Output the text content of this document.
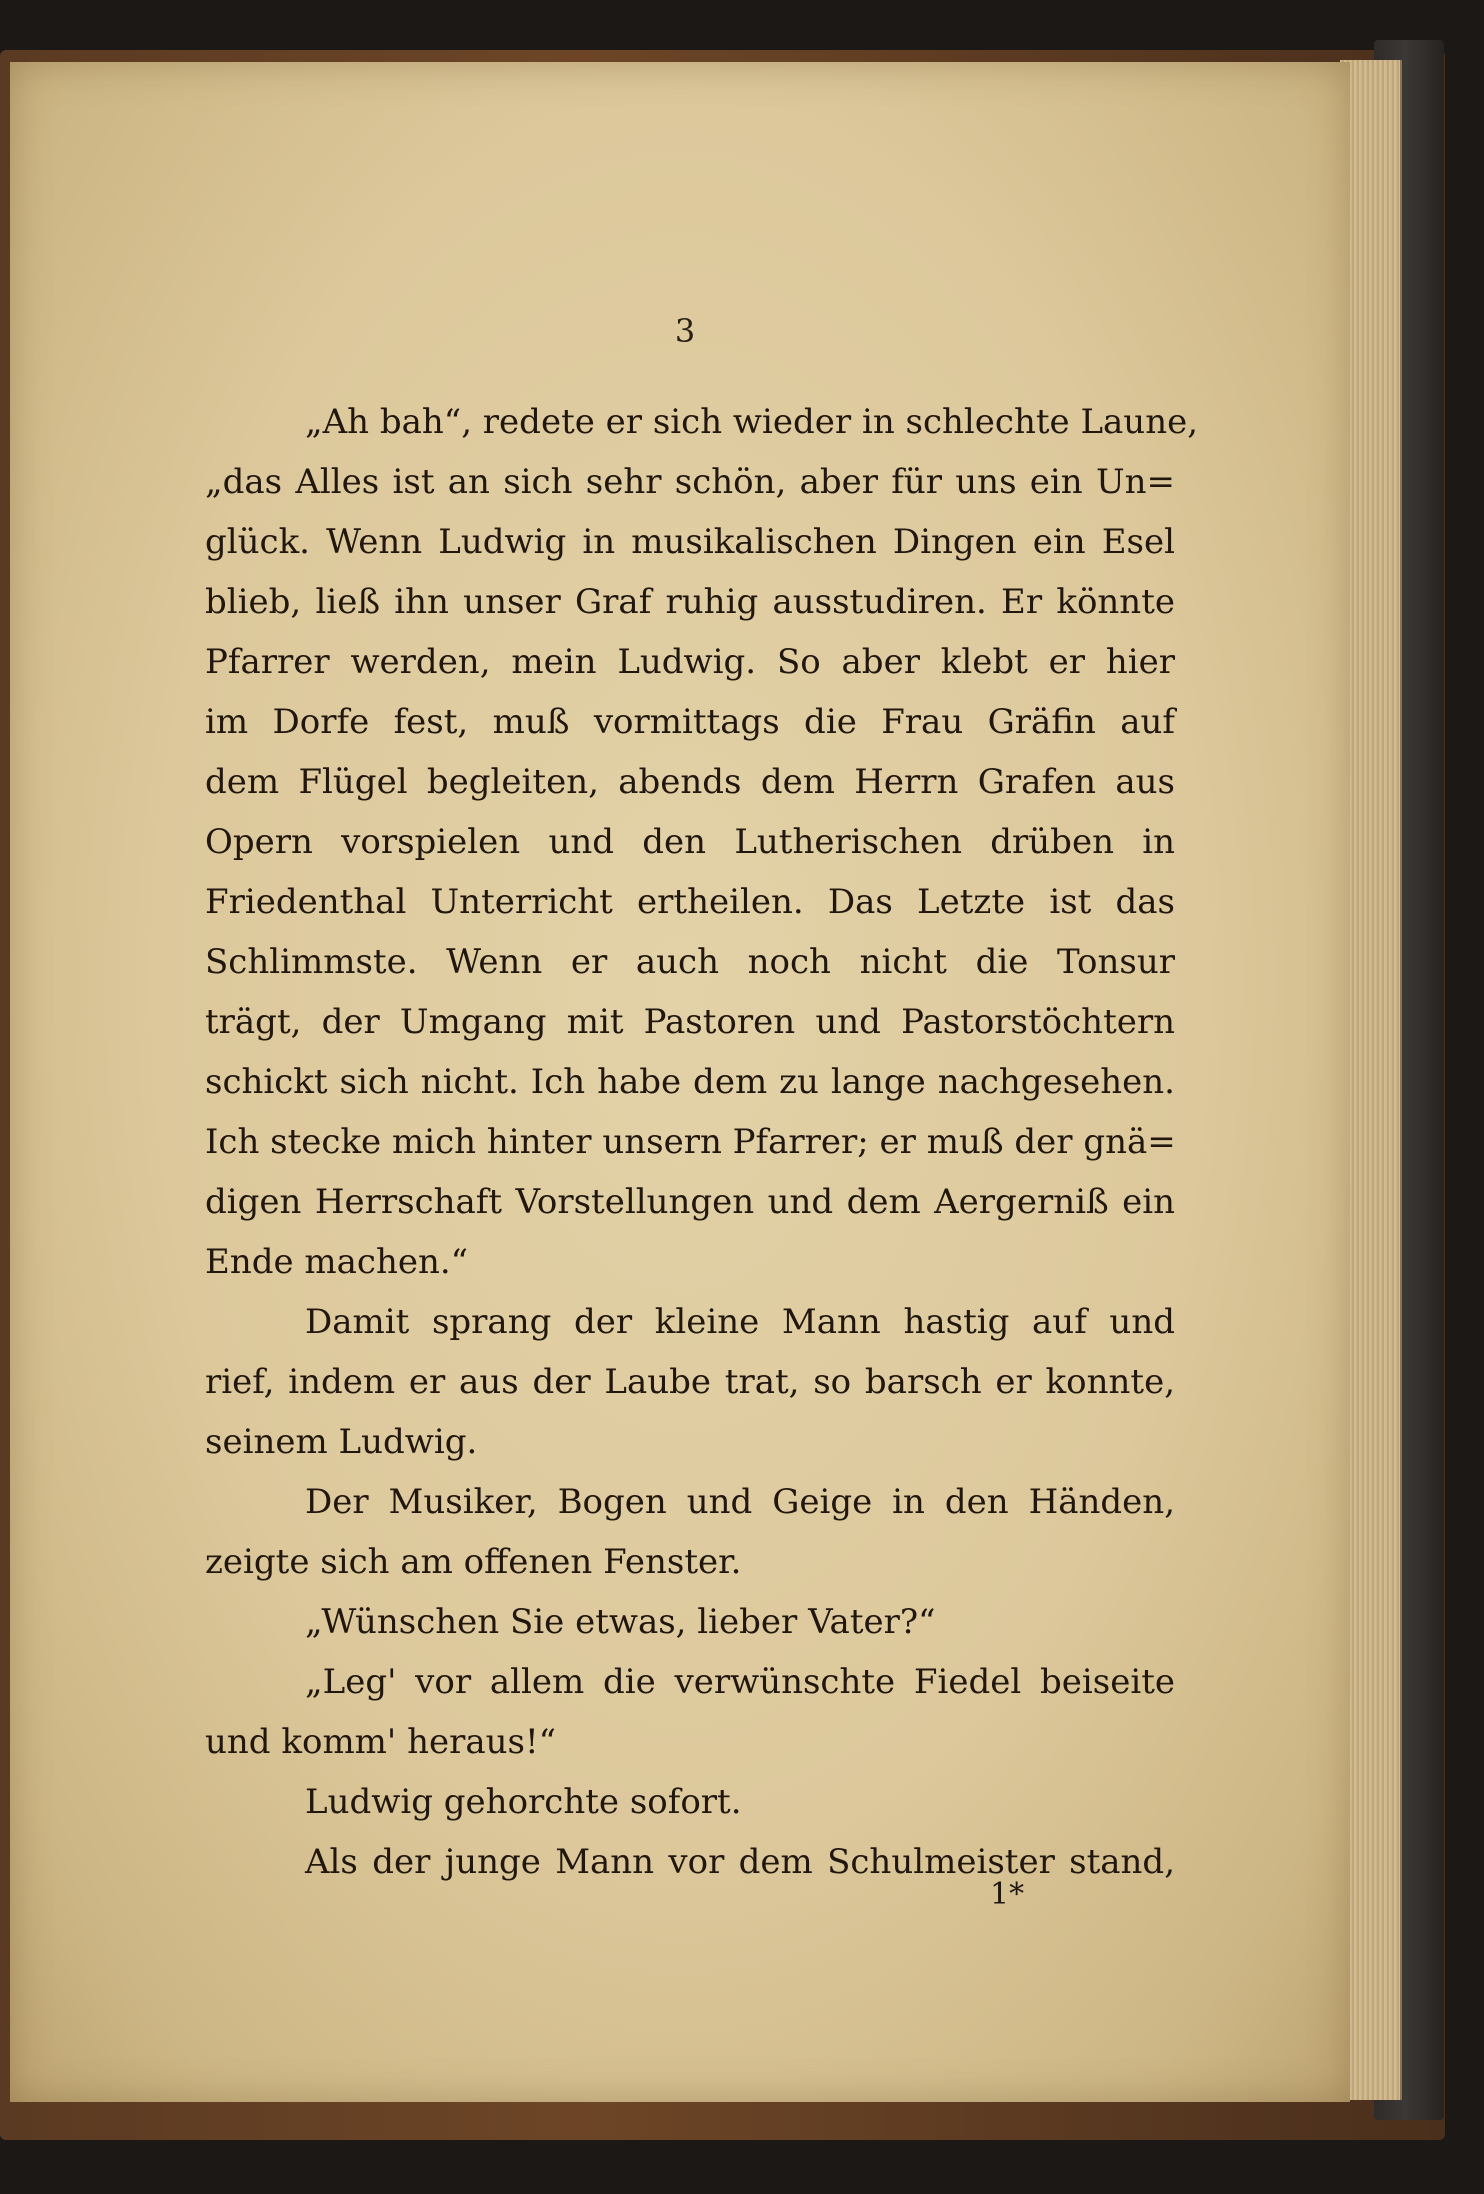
3
„Ah bah“, redete er sich wieder in schlechte Laune,
„das Alles ist an sich sehr schön, aber für uns ein Un=
glück. Wenn Ludwig in musikalischen Dingen ein Esel
blieb, ließ ihn unser Graf ruhig ausstudiren. Er könnte
Pfarrer werden, mein Ludwig. So aber klebt er hier
im Dorfe fest, muß vormittags die Frau Gräfin auf
dem Flügel begleiten, abends dem Herrn Grafen aus
Opern vorspielen und den Lutherischen drüben in
Friedenthal Unterricht ertheilen. Das Letzte ist das
Schlimmste. Wenn er auch noch nicht die Tonsur
trägt, der Umgang mit Pastoren und Pastorstöchtern
schickt sich nicht. Ich habe dem zu lange nachgesehen.
Ich stecke mich hinter unsern Pfarrer; er muß der gnä=
digen Herrschaft Vorstellungen und dem Aergerniß ein
Ende machen.“
Damit sprang der kleine Mann hastig auf und
rief, indem er aus der Laube trat, so barsch er konnte,
seinem Ludwig.
Der Musiker, Bogen und Geige in den Händen,
zeigte sich am offenen Fenster.
„Wünschen Sie etwas, lieber Vater?“
„Leg' vor allem die verwünschte Fiedel beiseite
und komm' heraus!“
Ludwig gehorchte sofort.
Als der junge Mann vor dem Schulmeister stand,
1*
